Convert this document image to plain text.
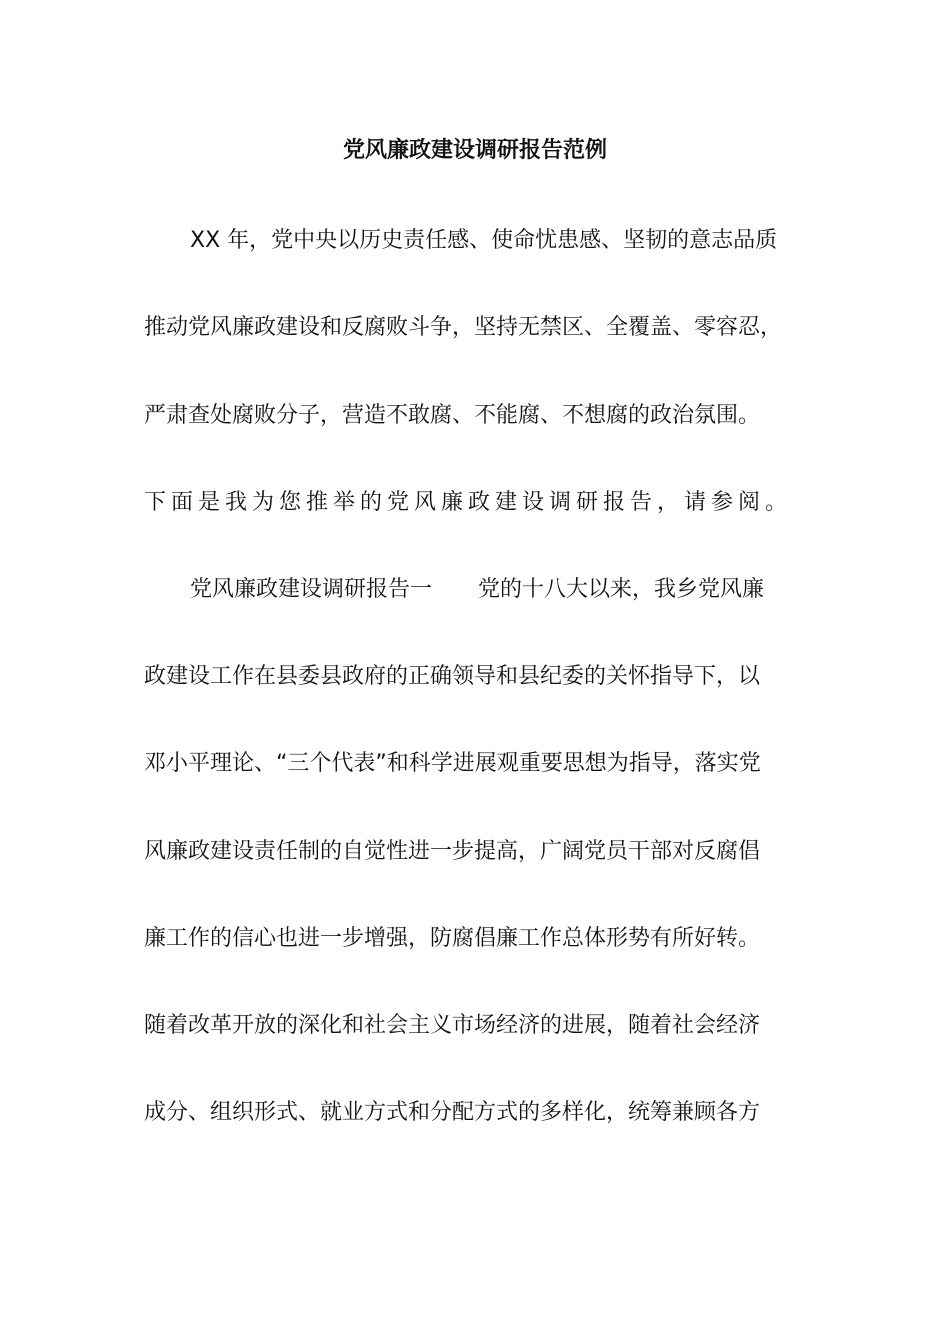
党风廉政建设调研报告范例
XX 年，党中央以历史责任感、使命忧患感、坚韧的意志品质
推动党风廉政建设和反腐败斗争，坚持无禁区、全覆盖、零容忍，
严肃查处腐败分子，营造不敢腐、不能腐、不想腐的政治氛围。
下面是我为您推举的党风廉政建设调研报告，请参阅。
党风廉政建设调研报告一 党的十八大以来，我乡党风廉
政建设工作在县委县政府的正确领导和县纪委的关怀指导下，以
邓小平理论、“三个代表”和科学进展观重要思想为指导，落实党
风廉政建设责任制的自觉性进一步提高，广阔党员干部对反腐倡
廉工作的信心也进一步增强，防腐倡廉工作总体形势有所好转。
随着改革开放的深化和社会主义市场经济的进展，随着社会经济
成分、组织形式、就业方式和分配方式的多样化，统筹兼顾各方
